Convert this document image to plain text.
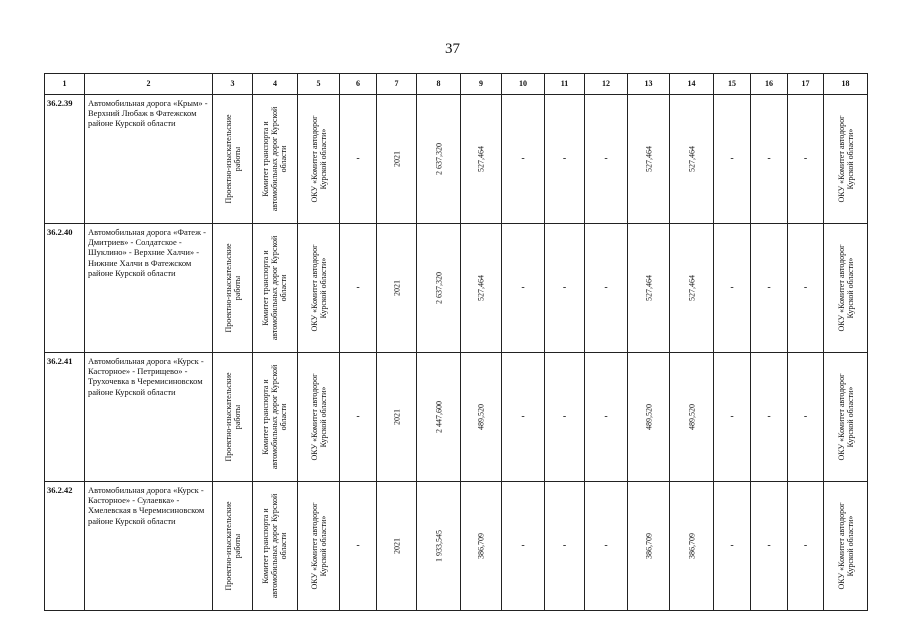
37
1	2	3	4	5	6	7	8	9	10	11	12	13	14	15	16	17	18
36.2.39	Автомобильная дорога «Крым» - Верхний Любаж в Фатежском районе Курской области	Проектно-изыскательские работы	Комитет транспорта и автомобильных дорог Курской области	ОКУ «Комитет автодорог Курской области»	-	2021	2 637,320	527,464	-	-	-	527,464	527,464	-	-	-	ОКУ «Комитет автодорог Курской области»

36.2.40	Автомобильная дорога «Фатеж - Дмитриев» - Солдатское - Шуклино» - Верхние Халчи» - Нижние Халчи в Фатежском районе Курской области	Проектно-изыскательские работы	Комитет транспорта и автомобильных дорог Курской области	ОКУ «Комитет автодорог Курской области»	-	2021	2 637,320	527,464	-	-	-	527,464	527,464	-	-	-	ОКУ «Комитет автодорог Курской области»

36.2.41	Автомобильная дорога «Курск - Касторное» - Петрищево» - Трухочевка в Черемисиновском районе Курской области	Проектно-изыскательские работы	Комитет транспорта и автомобильных дорог Курской области	ОКУ «Комитет автодорог Курской области»	-	2021	2 447,600	489,520	-	-	-	489,520	489,520	-	-	-	ОКУ «Комитет автодорог Курской области»

36.2.42	Автомобильная дорога «Курск - Касторное» - Сулаевка» - Хмелевская в Черемисиновском районе Курской области	Проектно-изыскательские работы	Комитет транспорта и автомобильных дорог Курской области	ОКУ «Комитет автодорог Курской области»	-	2021	1 933,545	386,709	-	-	-	386,709	386,709	-	-	-	ОКУ «Комитет автодорог Курской области»
